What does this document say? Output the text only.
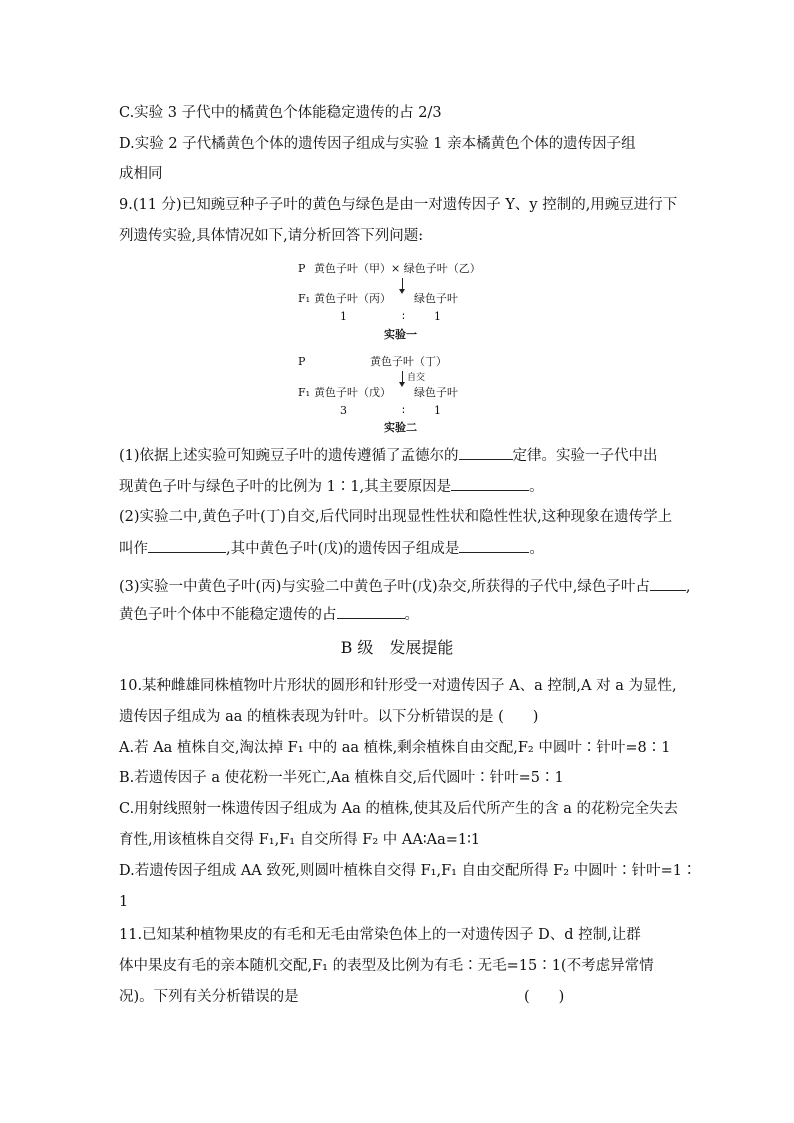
C.实验 3 子代中的橘黄色个体能稳定遗传的占 2/3
D.实验 2 子代橘黄色个体的遗传因子组成与实验 1 亲本橘黄色个体的遗传因子组
成相同
9.(11 分)已知豌豆种子子叶的黄色与绿色是由一对遗传因子 Y、y 控制的,用豌豆进行下
列遗传实验,具体情况如下,请分析回答下列问题:
P 黄色子叶（甲）× 绿色子叶（乙）
F₁ 黄色子叶（丙） 绿色子叶
1	∶	1
实验一
P	黄色子叶（丁）
自交
F₁ 黄色子叶（戊） 绿色子叶
3	∶	1
实验二
(1)依据上述实验可知豌豆子叶的遗传遵循了孟德尔的	定律。实验一子代中出
现黄色子叶与绿色子叶的比例为 1∶1,其主要原因是	。
(2)实验二中,黄色子叶(丁)自交,后代同时出现显性性状和隐性性状,这种现象在遗传学上
叫作	,其中黄色子叶(戊)的遗传因子组成是	。
(3)实验一中黄色子叶(丙)与实验二中黄色子叶(戊)杂交,所获得的子代中,绿色子叶占 ,
黄色子叶个体中不能稳定遗传的占	。
B 级　发展提能
10.某种雌雄同株植物叶片形状的圆形和针形受一对遗传因子 A、a 控制,A 对 a 为显性,
遗传因子组成为 aa 的植株表现为针叶。以下分析错误的是 (　　)
A.若 Aa 植株自交,淘汰掉 F₁ 中的 aa 植株,剩余植株自由交配,F₂ 中圆叶∶针叶=8∶1
B.若遗传因子 a 使花粉一半死亡,Aa 植株自交,后代圆叶∶针叶=5∶1
C.用射线照射一株遗传因子组成为 Aa 的植株,使其及后代所产生的含 a 的花粉完全失去
育性,用该植株自交得 F₁,F₁ 自交所得 F₂ 中 AA∶Aa=1∶1
D.若遗传因子组成 AA 致死,则圆叶植株自交得 F₁,F₁ 自由交配所得 F₂ 中圆叶∶针叶=1∶
1
11.已知某种植物果皮的有毛和无毛由常染色体上的一对遗传因子 D、d 控制,让群
体中果皮有毛的亲本随机交配,F₁ 的表型及比例为有毛∶无毛=15∶1(不考虑异常情
况)。下列有关分析错误的是	(　　)
